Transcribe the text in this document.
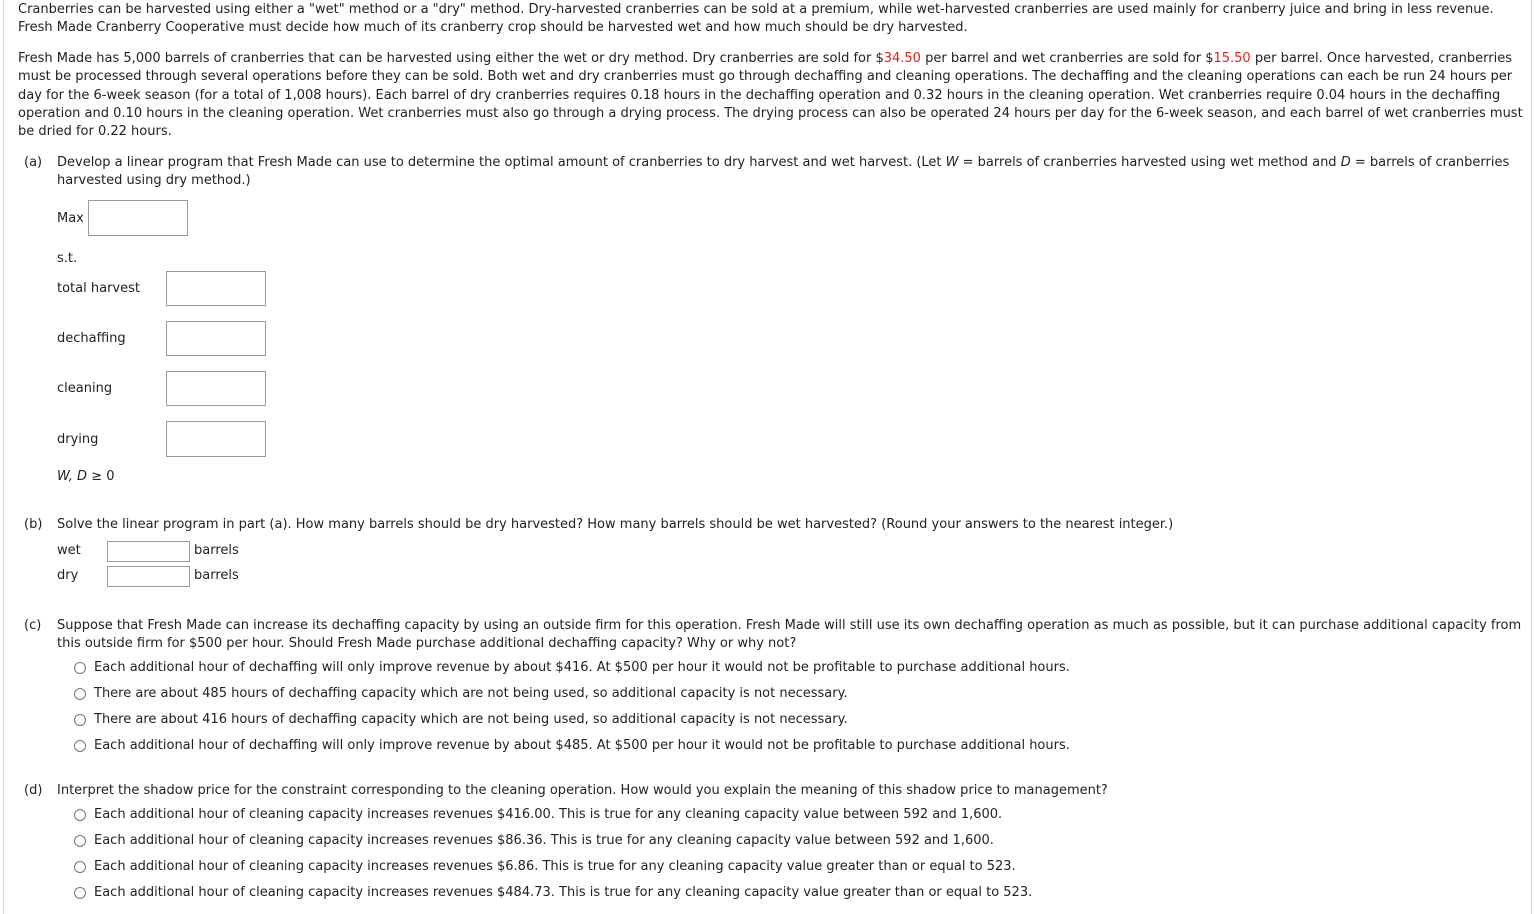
Cranberries can be harvested using either a "wet" method or a "dry" method. Dry-harvested cranberries can be sold at a premium, while wet-harvested cranberries are used mainly for cranberry juice and bring in less revenue.
Fresh Made Cranberry Cooperative must decide how much of its cranberry crop should be harvested wet and how much should be dry harvested.
Fresh Made has 5,000 barrels of cranberries that can be harvested using either the wet or dry method. Dry cranberries are sold for $34.50 per barrel and wet cranberries are sold for $15.50 per barrel. Once harvested, cranberries must be processed through several operations before they can be sold. Both wet and dry cranberries must go through dechaffing and cleaning operations. The dechaffing and the cleaning operations can each be run 24 hours per day for the 6-week season (for a total of 1,008 hours). Each barrel of dry cranberries requires 0.18 hours in the dechaffing operation and 0.32 hours in the cleaning operation. Wet cranberries require 0.04 hours in the dechaffing operation and 0.10 hours in the cleaning operation. Wet cranberries must also go through a drying process. The drying process can also be operated 24 hours per day for the 6-week season, and each barrel of wet cranberries must be dried for 0.22 hours.
(a) Develop a linear program that Fresh Made can use to determine the optimal amount of cranberries to dry harvest and wet harvest. (Let W = barrels of cranberries harvested using wet method and D = barrels of cranberries harvested using dry method.)
Max
s.t.
total harvest
dechaffing
cleaning
drying
W, D ≥ 0
(b) Solve the linear program in part (a). How many barrels should be dry harvested? How many barrels should be wet harvested? (Round your answers to the nearest integer.)
wet	barrels
dry	barrels
(c) Suppose that Fresh Made can increase its dechaffing capacity by using an outside firm for this operation. Fresh Made will still use its own dechaffing operation as much as possible, but it can purchase additional capacity from this outside firm for $500 per hour. Should Fresh Made purchase additional dechaffing capacity? Why or why not?
Each additional hour of dechaffing will only improve revenue by about $416. At $500 per hour it would not be profitable to purchase additional hours.
There are about 485 hours of dechaffing capacity which are not being used, so additional capacity is not necessary.
There are about 416 hours of dechaffing capacity which are not being used, so additional capacity is not necessary.
Each additional hour of dechaffing will only improve revenue by about $485. At $500 per hour it would not be profitable to purchase additional hours.
(d) Interpret the shadow price for the constraint corresponding to the cleaning operation. How would you explain the meaning of this shadow price to management?
Each additional hour of cleaning capacity increases revenues $416.00. This is true for any cleaning capacity value between 592 and 1,600.
Each additional hour of cleaning capacity increases revenues $86.36. This is true for any cleaning capacity value between 592 and 1,600.
Each additional hour of cleaning capacity increases revenues $6.86. This is true for any cleaning capacity value greater than or equal to 523.
Each additional hour of cleaning capacity increases revenues $484.73. This is true for any cleaning capacity value greater than or equal to 523.
